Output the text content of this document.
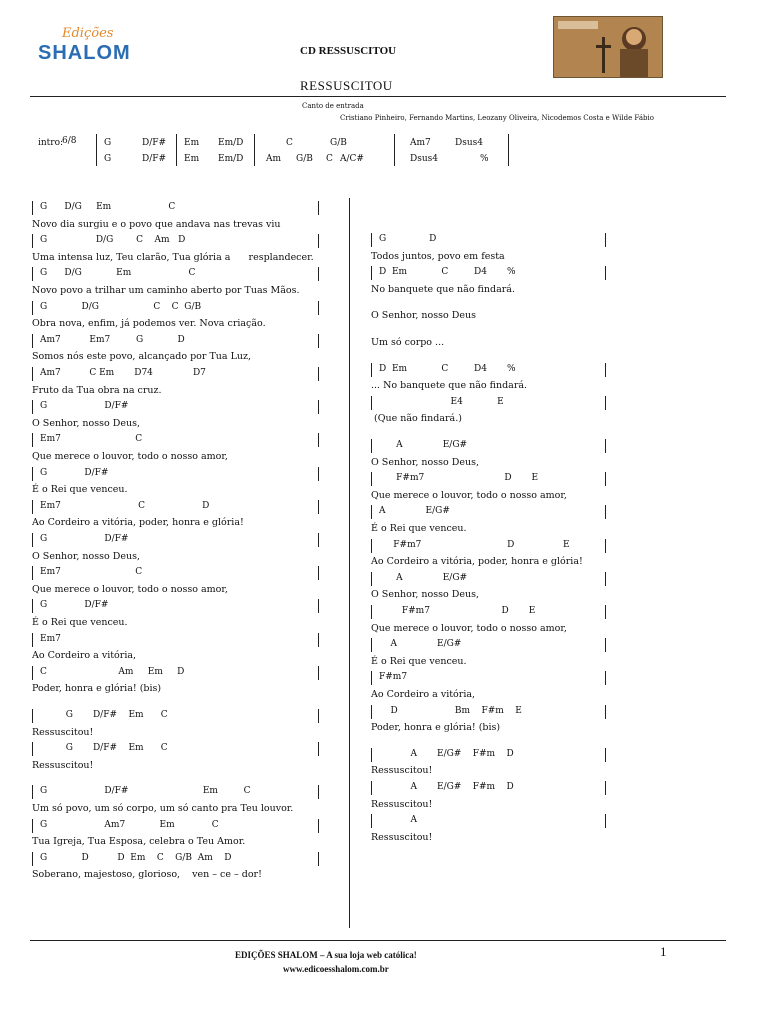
Edições
SHALOM	CD RESSUSCITOU
RESSUSCITOU
Canto de entrada
Cristiano Pinheiro, Fernando Martins, Leozany Oliveira, Nicodemos Costa e Wilde Fábio
intro:
6/8	G	D/F# Em Em/D	C	G/B	Am7	Dsus4
G	D/F# Em Em/D	Am G/B C A/C#	Dsus4	%
G      D/G     Em                    C
Novo dia surgiu e o povo que andava nas trevas viu
G                 D/G        C    Am   D
Uma intensa luz, Teu clarão, Tua glória a      resplandecer.
G      D/G            Em                    C
Novo povo a trilhar um caminho aberto por Tuas Mãos.
G            D/G                   C    C  G/B
Obra nova, enfim, já podemos ver. Nova criação.
Am7          Em7         G            D
Somos nós este povo, alcançado por Tua Luz,
Am7          C Em       D74              D7
Fruto da Tua obra na cruz.
G                    D/F#
O Senhor, nosso Deus,
Em7                          C
Que merece o louvor, todo o nosso amor,
G             D/F#
É o Rei que venceu.
Em7                           C                    D
Ao Cordeiro a vitória, poder, honra e glória!
G                    D/F#
O Senhor, nosso Deus,
Em7                          C
Que merece o louvor, todo o nosso amor,
G             D/F#
É o Rei que venceu.
Em7
Ao Cordeiro a vitória,
C                         Am     Em     D
Poder, honra e glória! (bis)
G       D/F#    Em      C
Ressuscitou!
G       D/F#    Em      C
Ressuscitou!
G                    D/F#                          Em         C
Um só povo, um só corpo, um só canto pra Teu louvor.
G                    Am7            Em             C
Tua Igreja, Tua Esposa, celebra o Teu Amor.
G            D          D  Em    C    G/B  Am    D
Soberano, majestoso, glorioso,    ven – ce – dor!
G               D
Todos juntos, povo em festa
D  Em            C         D4       %
No banquete que não findará.
O Senhor, nosso Deus
Um só corpo ...
D  Em            C         D4       %
... No banquete que não findará.
E4            E
(Que não findará.)
A              E/G#
O Senhor, nosso Deus,
F#m7                            D       E
Que merece o louvor, todo o nosso amor,
A              E/G#
É o Rei que venceu.
F#m7                              D                 E
Ao Cordeiro a vitória, poder, honra e glória!
A              E/G#
O Senhor, nosso Deus,
F#m7                         D       E
Que merece o louvor, todo o nosso amor,
A              E/G#
É o Rei que venceu.
F#m7
Ao Cordeiro a vitória,
D                    Bm    F#m    E
Poder, honra e glória! (bis)
A       E/G#    F#m    D
Ressuscitou!
A       E/G#    F#m    D
Ressuscitou!
A
Ressuscitou!
EDIÇÕES SHALOM – A sua loja web católica!
www.edicoesshalom.com.br
1
